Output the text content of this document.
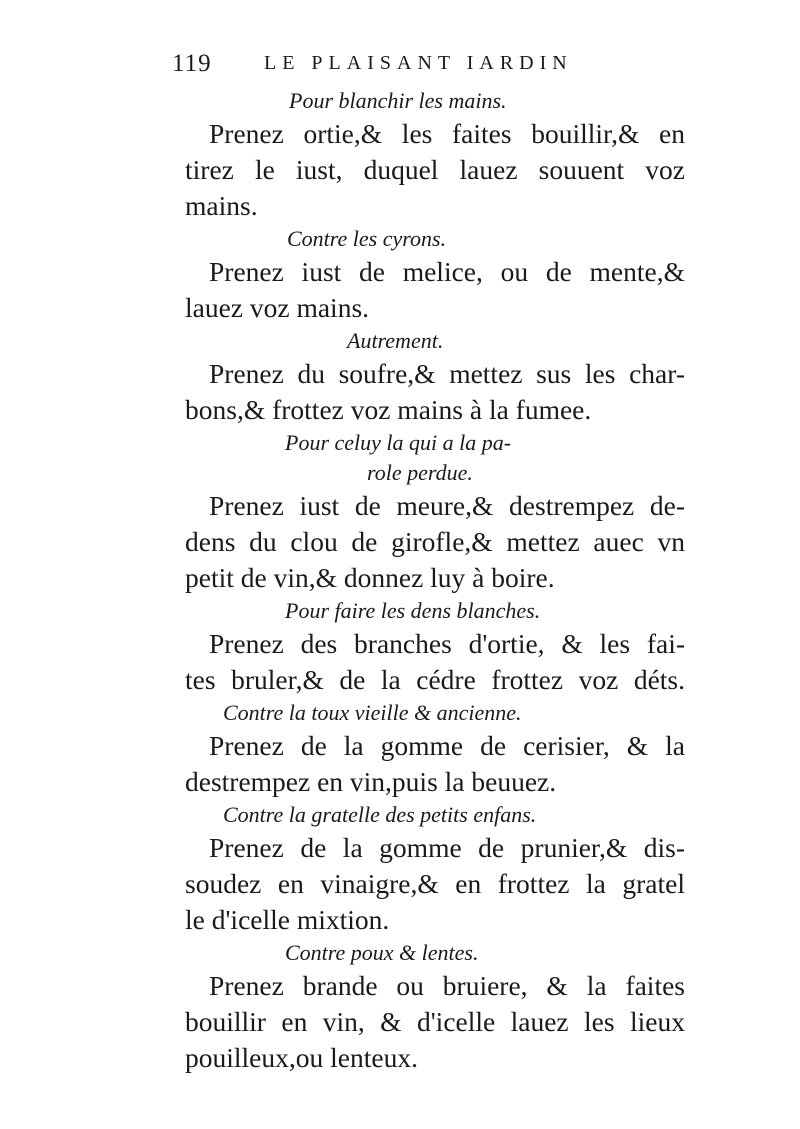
119	LE PLAISANT IARDIN
Pour blanchir les mains.
Prenez ortie,& les faites bouillir,& en
tirez le iust, duquel lauez souuent voz
mains.
Contre les cyrons.
Prenez iust de melice, ou de mente,&
lauez voz mains.
Autrement.
Prenez du soufre,& mettez sus les char-
bons,& frottez voz mains à la fumee.
Pour celuy la qui a la pa-
role perdue.
Prenez iust de meure,& destrempez de-
dens du clou de girofle,& mettez auec vn
petit de vin,& donnez luy à boire.
Pour faire les dens blanches.
Prenez des branches d'ortie, & les fai-
tes bruler,& de la cédre frottez voz déts.
Contre la toux vieille & ancienne.
Prenez de la gomme de cerisier, & la
destrempez en vin,puis la beuuez.
Contre la gratelle des petits enfans.
Prenez de la gomme de prunier,& dis-
soudez en vinaigre,& en frottez la gratel
le d'icelle mixtion.
Contre poux & lentes.
Prenez brande ou bruiere, & la faites
bouillir en vin, & d'icelle lauez les lieux
pouilleux,ou lenteux.
